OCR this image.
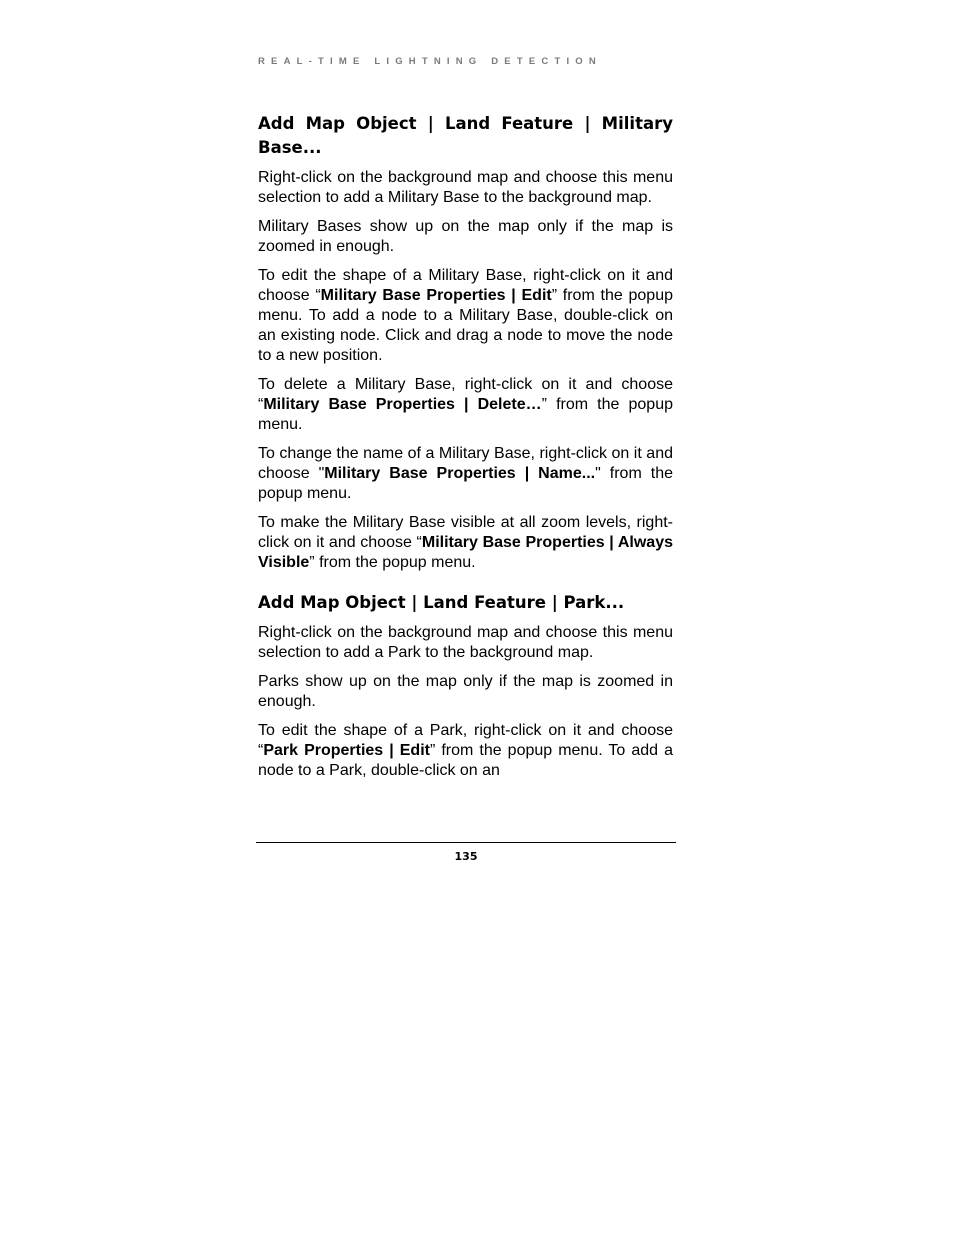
REAL-TIME LIGHTNING DETECTION
Add Map Object | Land Feature | Military Base...

Right-click on the background map and choose this menu selection to add a Military Base to the background map.

Military Bases show up on the map only if the map is zoomed in enough.

To edit the shape of a Military Base, right-click on it and choose “Military Base Properties | Edit” from the popup menu. To add a node to a Military Base, double-click on an existing node. Click and drag a node to move the node to a new position.

To delete a Military Base, right-click on it and choose “Military Base Properties | Delete…” from the popup menu.

To change the name of a Military Base, right-click on it and choose "Military Base Properties | Name..." from the popup menu.

To make the Military Base visible at all zoom levels, right-click on it and choose “Military Base Properties | Always Visible” from the popup menu.

Add Map Object | Land Feature | Park...

Right-click on the background map and choose this menu selection to add a Park to the background map.

Parks show up on the map only if the map is zoomed in enough.

To edit the shape of a Park, right-click on it and choose “Park Properties | Edit” from the popup menu. To add a node to a Park, double-click on an

135
